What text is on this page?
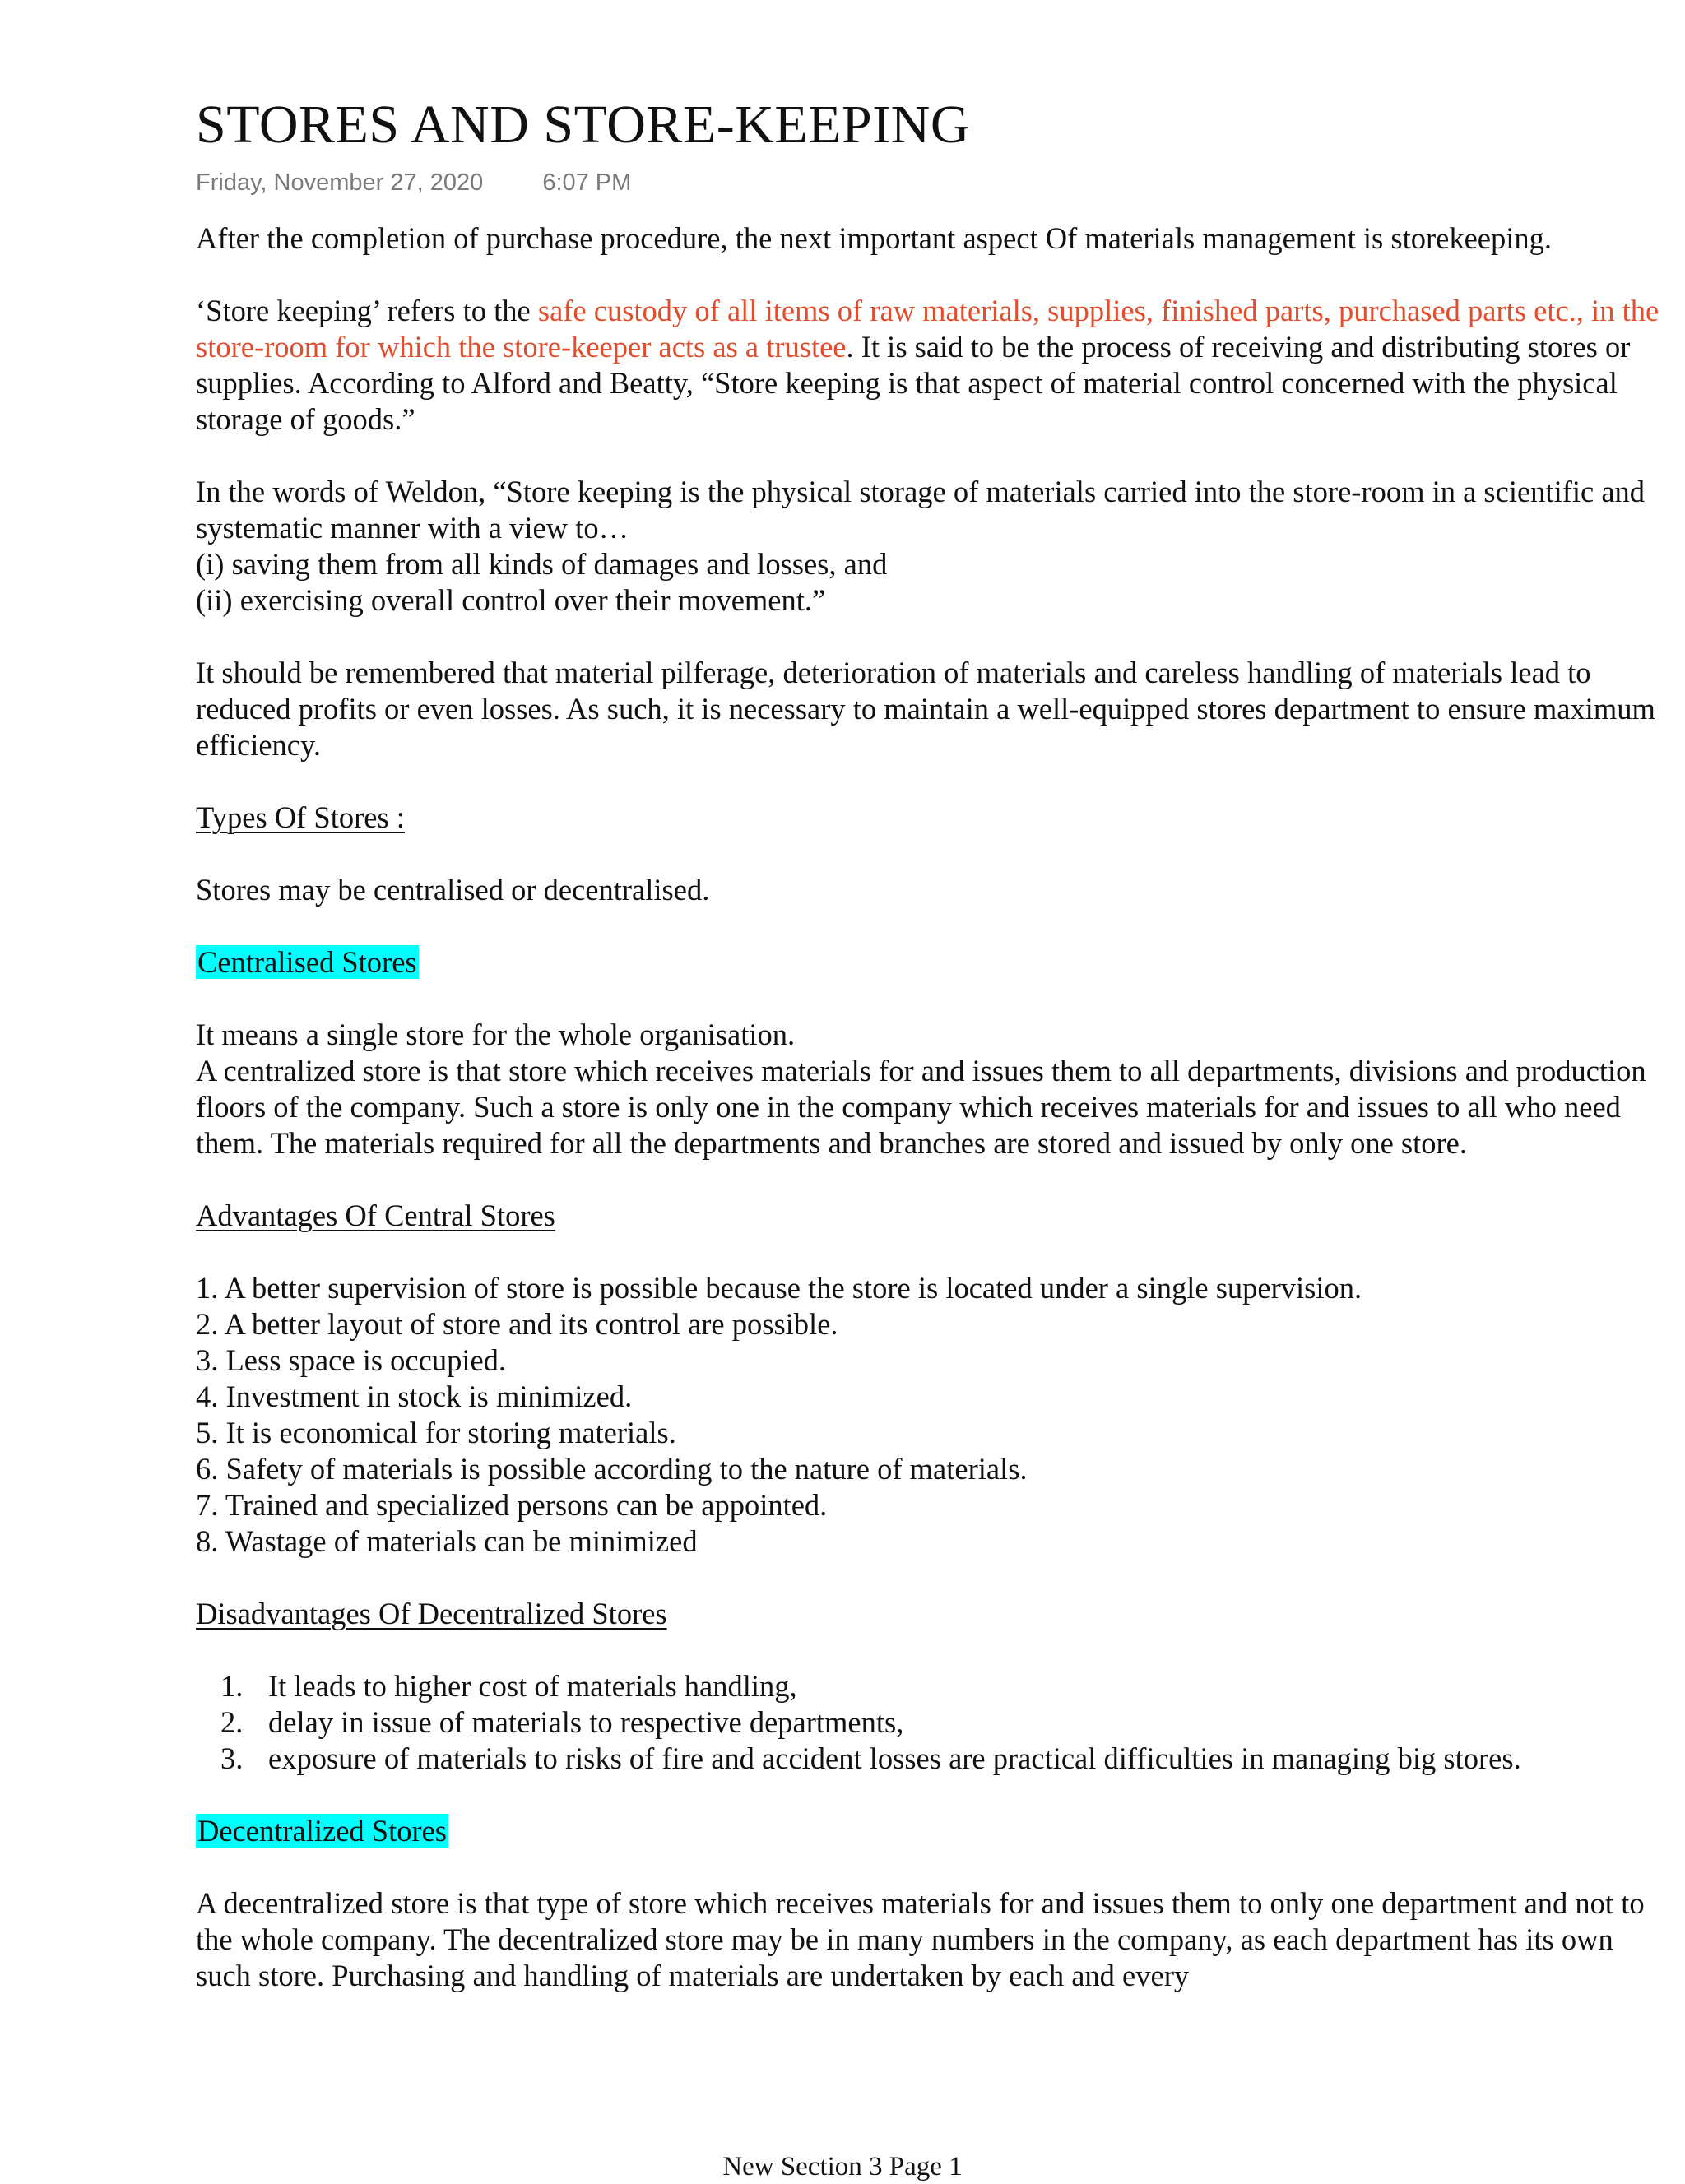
STORES AND STORE-KEEPING
Friday, November 27, 2020 6:07 PM

After the completion of purchase procedure, the next important aspect Of materials management is storekeeping.

‘Store keeping’ refers to the safe custody of all items of raw materials, supplies, finished parts, purchased parts etc., in the store-room for which the store-keeper acts as a trustee. It is said to be the process of receiving and distributing stores or supplies. According to Alford and Beatty, “Store keeping is that aspect of material control concerned with the physical storage of goods.”

In the words of Weldon, “Store keeping is the physical storage of materials carried into the store-room in a scientific and systematic manner with a view to…

(i) saving them from all kinds of damages and losses, and

(ii) exercising overall control over their movement.”

It should be remembered that material pilferage, deterioration of materials and careless handling of materials lead to reduced profits or even losses. As such, it is necessary to maintain a well-equipped stores department to ensure maximum efficiency.

Types Of Stores :

Stores may be centralised or decentralised.

Centralised Stores

It means a single store for the whole organisation.

A centralized store is that store which receives materials for and issues them to all departments, divisions and production floors of the company. Such a store is only one in the company which receives materials for and issues to all who need them. The materials required for all the departments and branches are stored and issued by only one store.

Advantages Of Central Stores

1. A better supervision of store is possible because the store is located under a single supervision.

2. A better layout of store and its control are possible.

3. Less space is occupied.

4. Investment in stock is minimized.

5. It is economical for storing materials.

6. Safety of materials is possible according to the nature of materials.

7. Trained and specialized persons can be appointed.

8. Wastage of materials can be minimized

Disadvantages Of Decentralized Stores

1. It leads to higher cost of materials handling,
2. delay in issue of materials to respective departments,
3. exposure of materials to risks of fire and accident losses are practical difficulties in managing big stores.

Decentralized Stores

A decentralized store is that type of store which receives materials for and issues them to only one department and not to the whole company. The decentralized store may be in many numbers in the company, as each department has its own such store. Purchasing and handling of materials are undertaken by each and every

New Section 3 Page 1
